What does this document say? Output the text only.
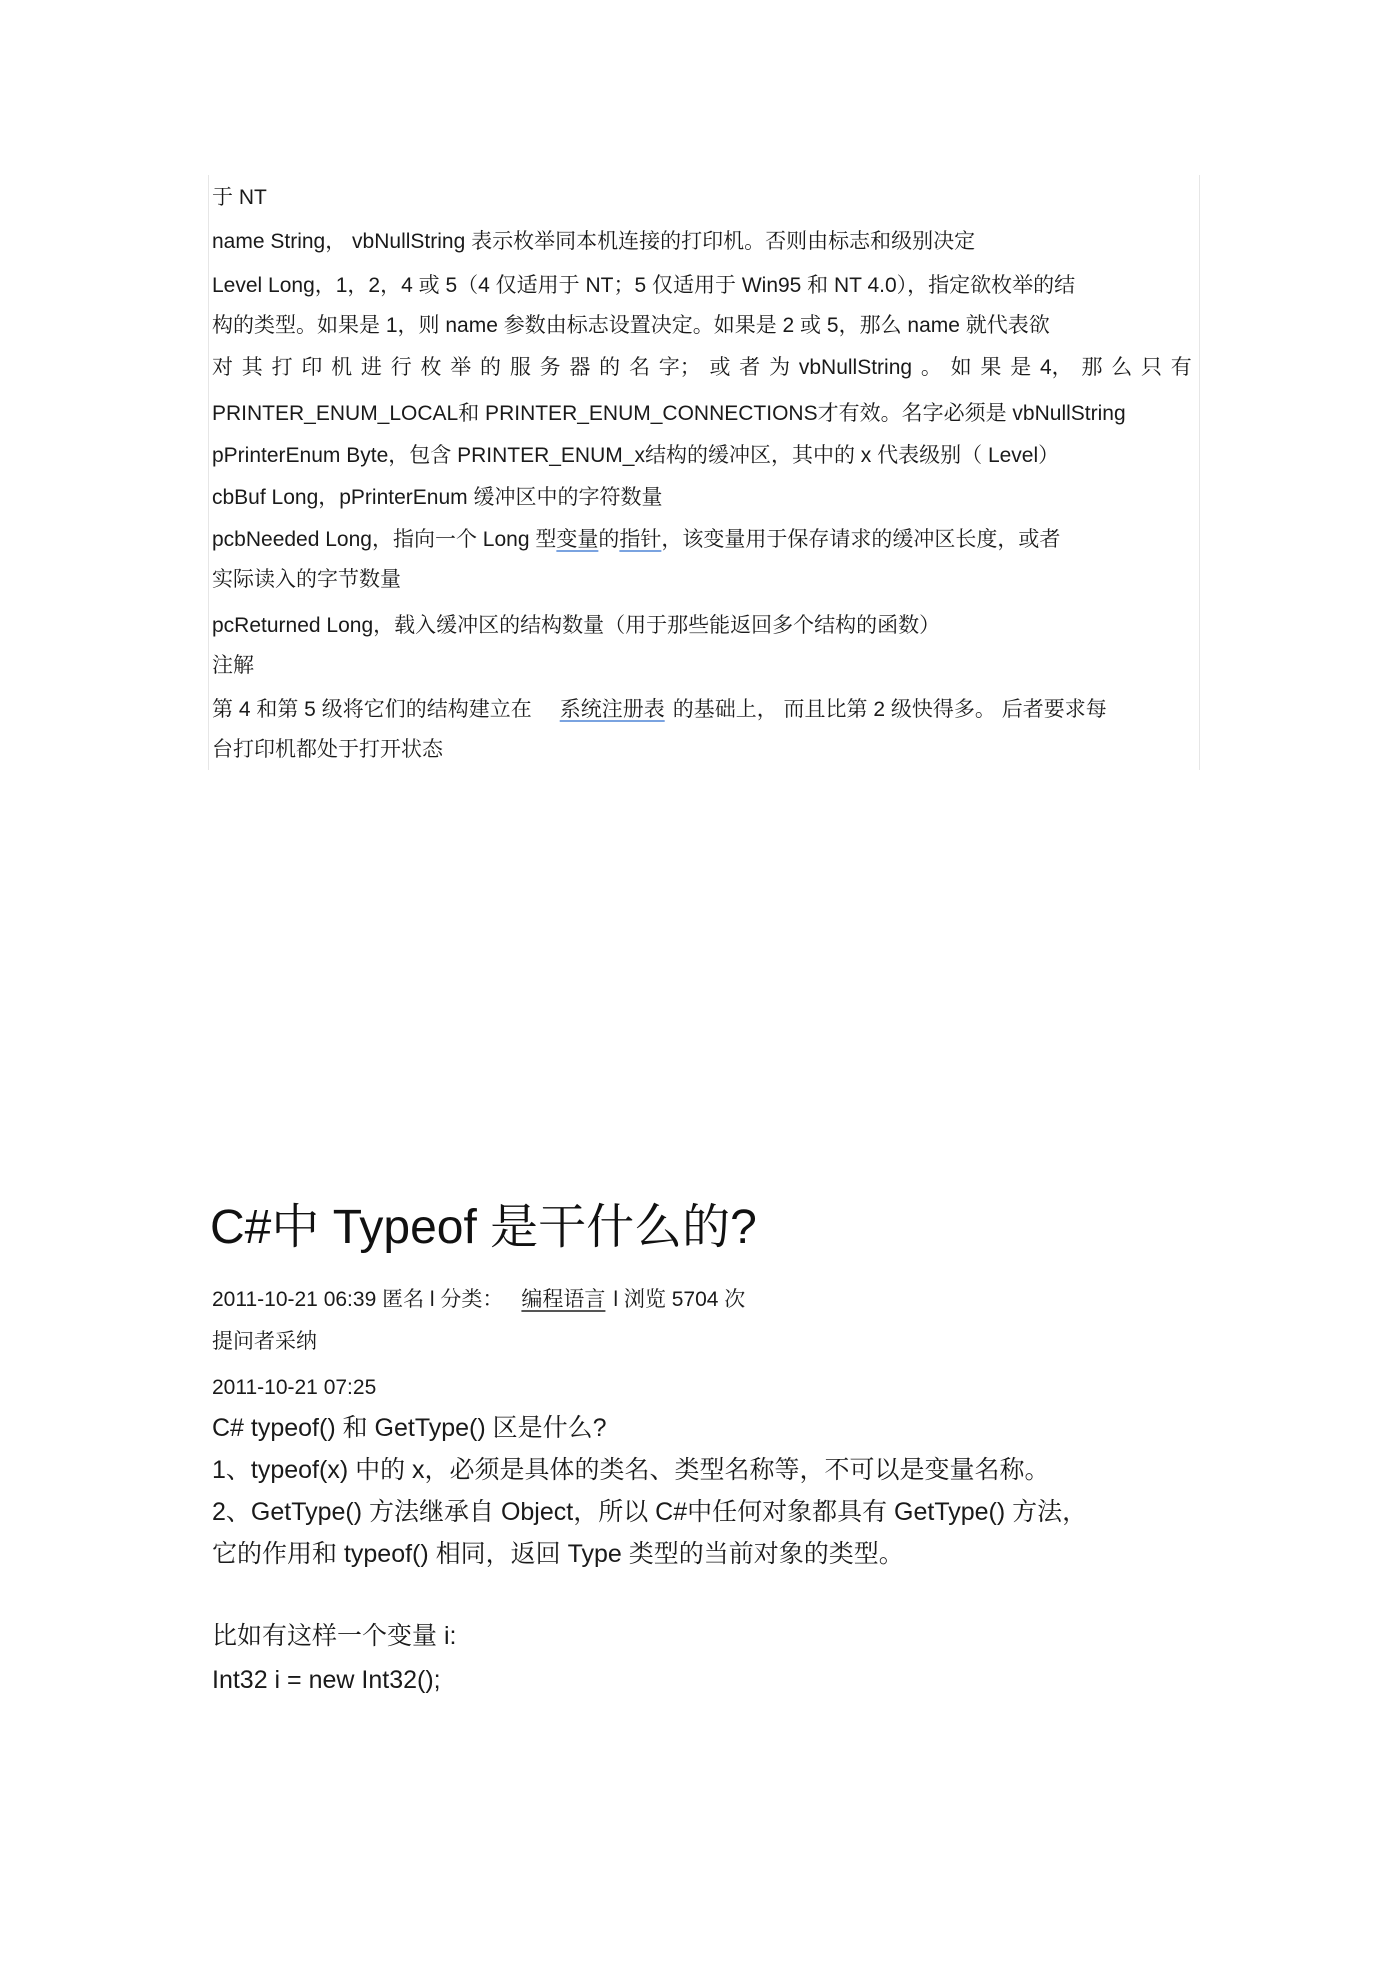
于 NT
name String， vbNullString 表示枚举同本机连接的打印机。否则由标志和级别决定
Level Long，1，2，4 或 5（4 仅适用于 NT；5 仅适用于 Win95 和 NT 4.0），指定欲枚举的结
构的类型。如果是 1，则 name 参数由标志设置决定。如果是 2 或 5，那么 name 就代表欲
对 其 打 印 机 进 行 枚 举 的 服 务 器 的 名 字； 或 者 为 vbNullString 。 如 果 是 4， 那 么 只 有
PRINTER_ENUM_LOCAL和 PRINTER_ENUM_CONNECTIONS才有效。名字必须是 vbNullString
pPrinterEnum Byte，包含 PRINTER_ENUM_x结构的缓冲区，其中的 x 代表级别（ Level）
cbBuf Long，pPrinterEnum 缓冲区中的字符数量
pcbNeeded Long，指向一个 Long 型变量的指针，该变量用于保存请求的缓冲区长度，或者
实际读入的字节数量
pcReturned Long，载入缓冲区的结构数量（用于那些能返回多个结构的函数）
注解
第 4 和第 5 级将它们的结构建立在 系统注册表 的基础上， 而且比第 2 级快得多。 后者要求每
台打印机都处于打开状态
C#中 Typeof 是干什么的?
2011-10-21 06:39 匿名 l 分类： 编程语言 l 浏览 5704 次
提问者采纳
2011-10-21 07:25
C# typeof() 和 GetType() 区是什么?
1、typeof(x) 中的 x，必须是具体的类名、类型名称等，不可以是变量名称。
2、GetType() 方法继承自 Object，所以 C#中任何对象都具有 GetType() 方法，
它的作用和 typeof() 相同，返回 Type 类型的当前对象的类型。
比如有这样一个变量 i:
Int32 i = new Int32();
